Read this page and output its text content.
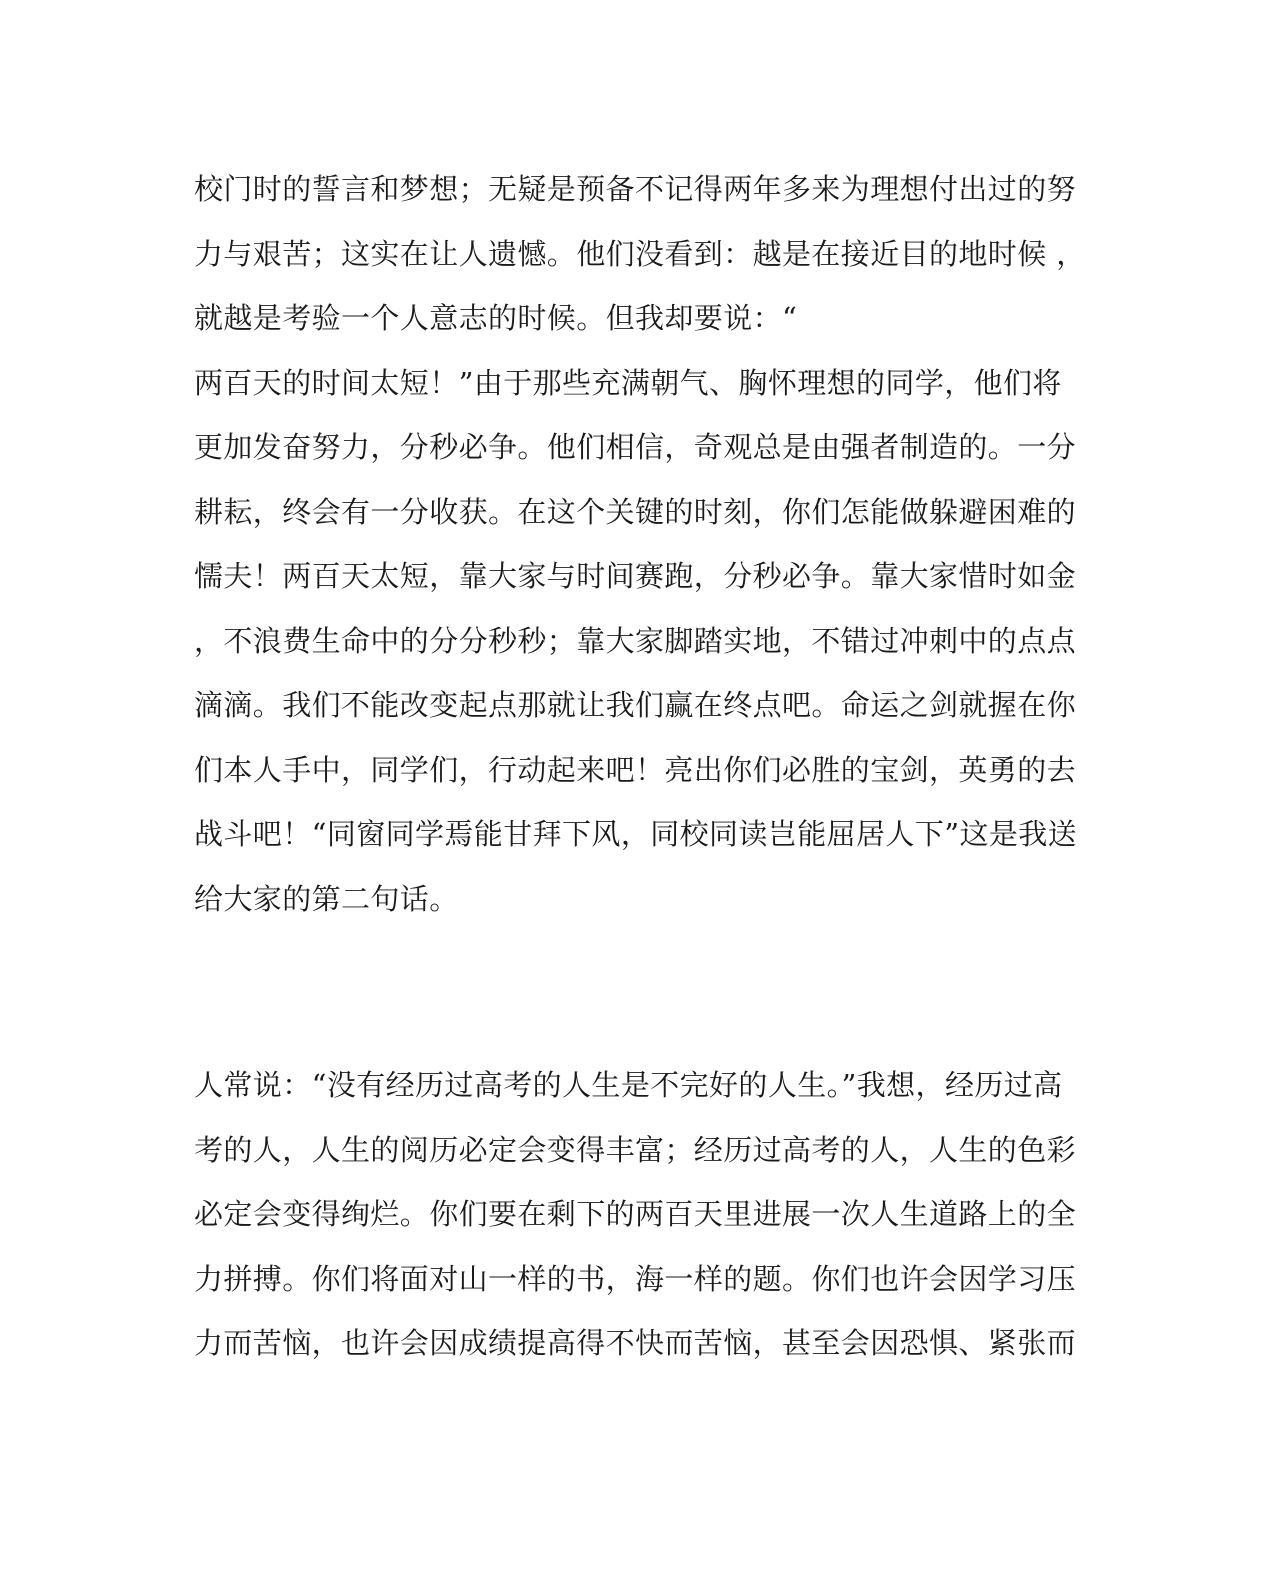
校门时的誓言和梦想；无疑是预备不记得两年多来为理想付出过的努
力与艰苦；这实在让人遗憾。他们没看到：越是在接近目的地时候 ，
就越是考验一个人意志的时候。但我却要说：“
两百天的时间太短！”由于那些充满朝气、胸怀理想的同学，他们将
更加发奋努力，分秒必争。他们相信，奇观总是由强者制造的。一分
耕耘，终会有一分收获。在这个关键的时刻，你们怎能做躲避困难的
懦夫！两百天太短，靠大家与时间赛跑，分秒必争。靠大家惜时如金
，不浪费生命中的分分秒秒；靠大家脚踏实地，不错过冲刺中的点点
滴滴。我们不能改变起点那就让我们赢在终点吧。命运之剑就握在你
们本人手中，同学们，行动起来吧！亮出你们必胜的宝剑，英勇的去
战斗吧！“同窗同学焉能甘拜下风，同校同读岂能屈居人下”这是我送
给大家的第二句话。
人常说：“没有经历过高考的人生是不完好的人生。”我想，经历过高
考的人，人生的阅历必定会变得丰富；经历过高考的人，人生的色彩
必定会变得绚烂。你们要在剩下的两百天里进展一次人生道路上的全
力拼搏。你们将面对山一样的书，海一样的题。你们也许会因学习压
力而苦恼，也许会因成绩提高得不快而苦恼，甚至会因恐惧、紧张而
